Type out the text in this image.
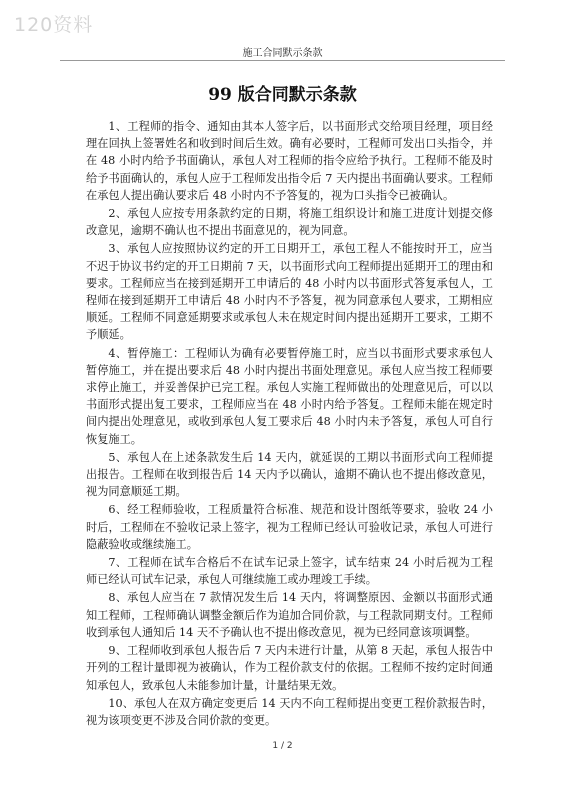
120资料
施工合同默示条款
99 版合同默示条款

1、工程师的指令、通知由其本人签字后，以书面形式交给项目经理，项目经理在回执上签署姓名和收到时间后生效。确有必要时，工程师可发出口头指令，并在 48 小时内给予书面确认，承包人对工程师的指令应给予执行。工程师不能及时给予书面确认的，承包人应于工程师发出指令后 7 天内提出书面确认要求。工程师在承包人提出确认要求后 48 小时内不予答复的，视为口头指令已被确认。

2、承包人应按专用条款约定的日期，将施工组织设计和施工进度计划提交修改意见，逾期不确认也不提出书面意见的，视为同意。

3、承包人应按照协议约定的开工日期开工，承包工程人不能按时开工，应当不迟于协议书约定的开工日期前 7 天，以书面形式向工程师提出延期开工的理由和要求。工程师应当在接到延期开工申请后的 48 小时内以书面形式答复承包人，工程师在接到延期开工申请后 48 小时内不予答复，视为同意承包人要求，工期相应顺延。工程师不同意延期要求或承包人未在规定时间内提出延期开工要求，工期不予顺延。

4、暂停施工：工程师认为确有必要暂停施工时，应当以书面形式要求承包人暂停施工，并在提出要求后 48 小时内提出书面处理意见。承包人应当按工程师要求停止施工，并妥善保护已完工程。承包人实施工程师做出的处理意见后，可以以书面形式提出复工要求，工程师应当在 48 小时内给予答复。工程师未能在规定时间内提出处理意见，或收到承包人复工要求后 48 小时内未予答复，承包人可自行恢复施工。

5、承包人在上述条款发生后 14 天内，就延误的工期以书面形式向工程师提出报告。工程师在收到报告后 14 天内予以确认，逾期不确认也不提出修改意见，视为同意顺延工期。

6、经工程师验收，工程质量符合标准、规范和设计图纸等要求，验收 24 小时后，工程师在不验收记录上签字，视为工程师已经认可验收记录，承包人可进行隐蔽验收或继续施工。

7、工程师在试车合格后不在试车记录上签字，试车结束 24 小时后视为工程师已经认可试车记录，承包人可继续施工或办理竣工手续。

8、承包人应当在 7 款情况发生后 14 天内，将调整原因、金额以书面形式通知工程师，工程师确认调整金额后作为追加合同价款，与工程款同期支付。工程师收到承包人通知后 14 天不予确认也不提出修改意见，视为已经同意该项调整。

9、工程师收到承包人报告后 7 天内未进行计量，从第 8 天起，承包人报告中开列的工程计量即视为被确认，作为工程价款支付的依据。工程师不按约定时间通知承包人，致承包人未能参加计量，计量结果无效。

10、承包人在双方确定变更后 14 天内不向工程师提出变更工程价款报告时，视为该项变更不涉及合同价款的变更。

1 / 2
